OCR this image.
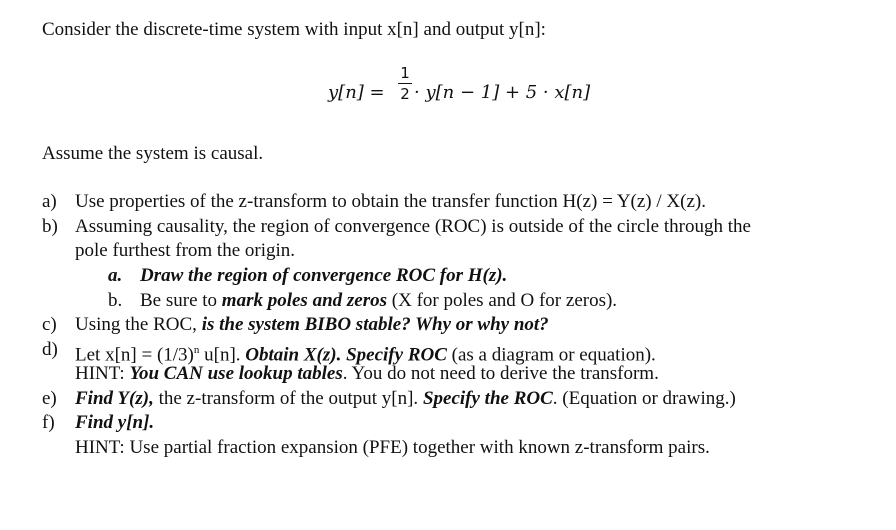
Consider the discrete-time system with input x[n] and output y[n]:
y[n] =
1
2 · y[n − 1] + 5 · x[n]
Assume the system is causal.
a) Use properties of the z-transform to obtain the transfer function H(z) = Y(z) / X(z).
b) Assuming causality, the region of convergence (ROC) is outside of the circle through the
pole furthest from the origin.
a. Draw the region of convergence ROC for H(z).
b. Be sure to mark poles and zeros (X for poles and O for zeros).
c) Using the ROC, is the system BIBO stable? Why or why not?
d) Let $x[n] = (1/3)^n$ u[n]. Obtain X(z). Specify ROC (as a diagram or equation).
HINT: You CAN use lookup tables. You do not need to derive the transform.
e) Find Y(z), the z-transform of the output y[n]. Specify the ROC. (Equation or drawing.)
f) Find y[n].
HINT: Use partial fraction expansion (PFE) together with known z-transform pairs.
